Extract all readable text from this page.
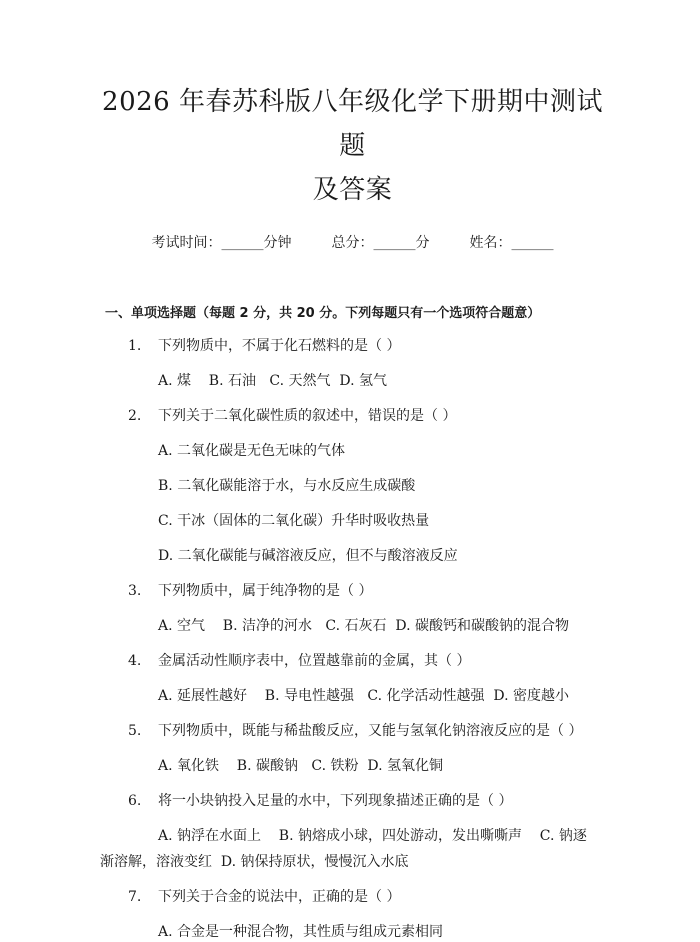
2026 年春苏科版八年级化学下册期中测试题
及答案
考试时间：______分钟	总分：______分	姓名：______
一、单项选择题（每题 2 分，共 20 分。下列每题只有一个选项符合题意）
1.	下列物质中，不属于化石燃料的是（ ）
A. 煤    B. 石油   C. 天然气  D. 氢气
2.	下列关于二氧化碳性质的叙述中，错误的是（ ）
A. 二氧化碳是无色无味的气体
B. 二氧化碳能溶于水，与水反应生成碳酸
C. 干冰（固体的二氧化碳）升华时吸收热量
D. 二氧化碳能与碱溶液反应，但不与酸溶液反应
3.	下列物质中，属于纯净物的是（ ）
A. 空气    B. 洁净的河水   C. 石灰石  D. 碳酸钙和碳酸钠的混合物
4.	金属活动性顺序表中，位置越靠前的金属，其（ ）
A. 延展性越好    B. 导电性越强   C. 化学活动性越强  D. 密度越小
5.	下列物质中，既能与稀盐酸反应，又能与氢氧化钠溶液反应的是（ ）
A. 氧化铁    B. 碳酸钠   C. 铁粉  D. 氢氧化铜
6.	将一小块钠投入足量的水中，下列现象描述正确的是（ ）
A. 钠浮在水面上    B. 钠熔成小球，四处游动，发出嘶嘶声    C. 钠逐
渐溶解，溶液变红  D. 钠保持原状，慢慢沉入水底
7.	下列关于合金的说法中，正确的是（ ）
A. 合金是一种混合物，其性质与组成元素相同
